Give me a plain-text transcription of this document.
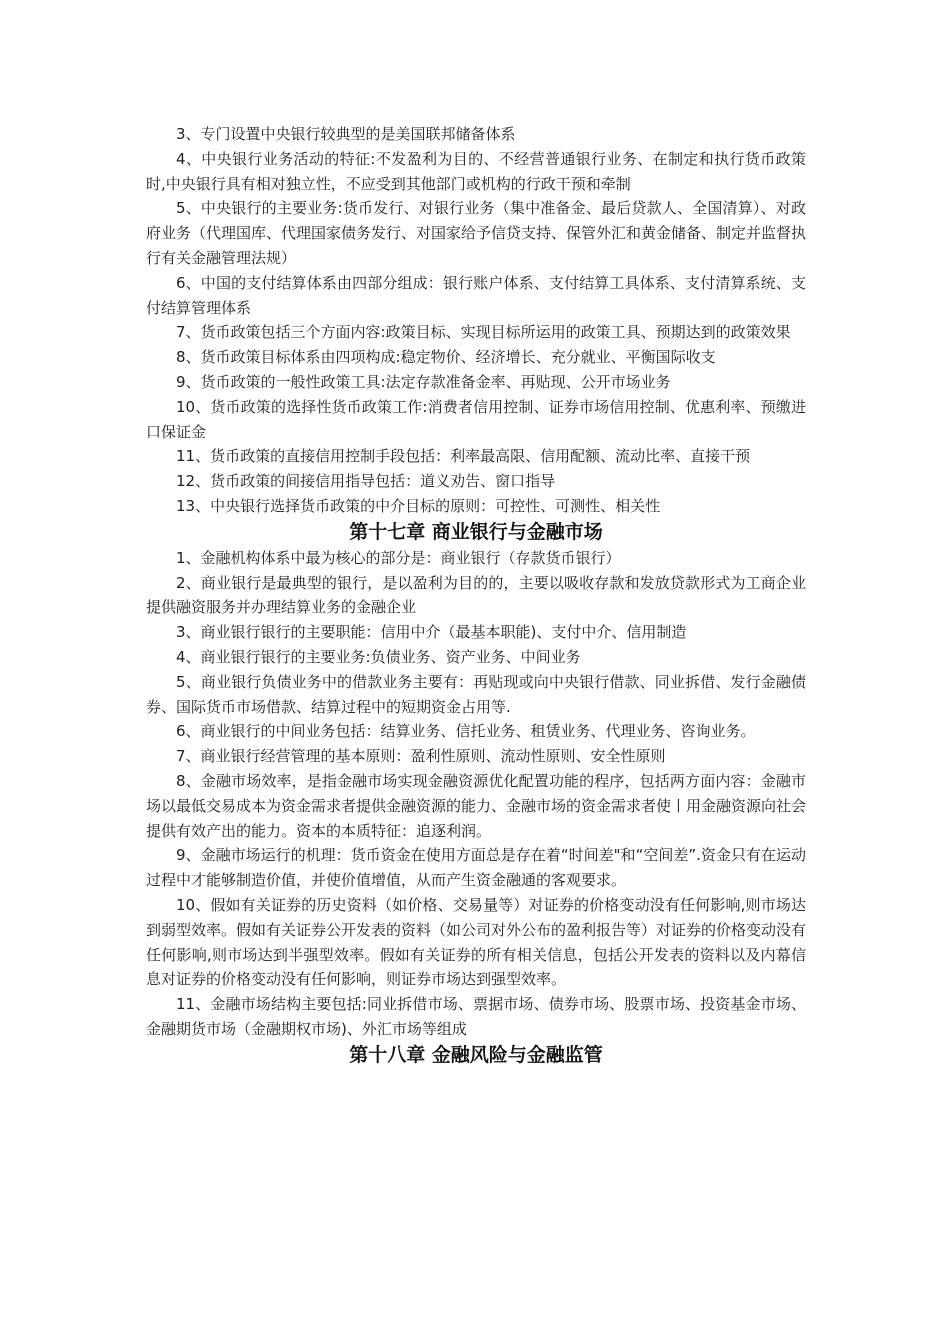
3、专门设置中央银行较典型的是美国联邦储备体系

4、中央银行业务活动的特征:不发盈利为目的、不经营普通银行业务、在制定和执行货币政策时,中央银行具有相对独立性，不应受到其他部门或机构的行政干预和牵制

5、中央银行的主要业务:货币发行、对银行业务（集中准备金、最后贷款人、全国清算）、对政府业务（代理国库、代理国家债务发行、对国家给予信贷支持、保管外汇和黄金储备、制定并监督执行有关金融管理法规）

6、中国的支付结算体系由四部分组成：银行账户体系、支付结算工具体系、支付清算系统、支付结算管理体系

7、货币政策包括三个方面内容:政策目标、实现目标所运用的政策工具、预期达到的政策效果

8、货币政策目标体系由四项构成:稳定物价、经济增长、充分就业、平衡国际收支

9、货币政策的一般性政策工具:法定存款准备金率、再贴现、公开市场业务

10、货币政策的选择性货币政策工作:消费者信用控制、证券市场信用控制、优惠利率、预缴进口保证金

11、货币政策的直接信用控制手段包括：利率最高限、信用配额、流动比率、直接干预

12、货币政策的间接信用指导包括：道义劝告、窗口指导

13、中央银行选择货币政策的中介目标的原则：可控性、可测性、相关性

第十七章 商业银行与金融市场

1、金融机构体系中最为核心的部分是：商业银行（存款货币银行）

2、商业银行是最典型的银行，是以盈利为目的的，主要以吸收存款和发放贷款形式为工商企业提供融资服务并办理结算业务的金融企业

3、商业银行银行的主要职能：信用中介（最基本职能)、支付中介、信用制造

4、商业银行银行的主要业务:负债业务、资产业务、中间业务

5、商业银行负债业务中的借款业务主要有：再贴现或向中央银行借款、同业拆借、发行金融债券、国际货币市场借款、结算过程中的短期资金占用等.

6、商业银行的中间业务包括：结算业务、信托业务、租赁业务、代理业务、咨询业务。

7、商业银行经营管理的基本原则：盈利性原则、流动性原则、安全性原则

8、金融市场效率，是指金融市场实现金融资源优化配置功能的程序，包括两方面内容：金融市场以最低交易成本为资金需求者提供金融资源的能力、金融市场的资金需求者使丨用金融资源向社会提供有效产出的能力。资本的本质特征：追逐利润。

9、金融市场运行的机理：货币资金在使用方面总是存在着“时间差"和“空间差”.资金只有在运动过程中才能够制造价值，并使价值增值，从而产生资金融通的客观要求。

10、假如有关证券的历史资料（如价格、交易量等）对证券的价格变动没有任何影响,则市场达到弱型效率。假如有关证券公开发表的资料（如公司对外公布的盈利报告等）对证券的价格变动没有任何影响,则市场达到半强型效率。假如有关证券的所有相关信息，包括公开发表的资料以及内幕信息对证券的价格变动没有任何影响，则证券市场达到强型效率。

11、金融市场结构主要包括:同业拆借市场、票据市场、债券市场、股票市场、投资基金市场、金融期货市场（金融期权市场)、外汇市场等组成

第十八章 金融风险与金融监管
